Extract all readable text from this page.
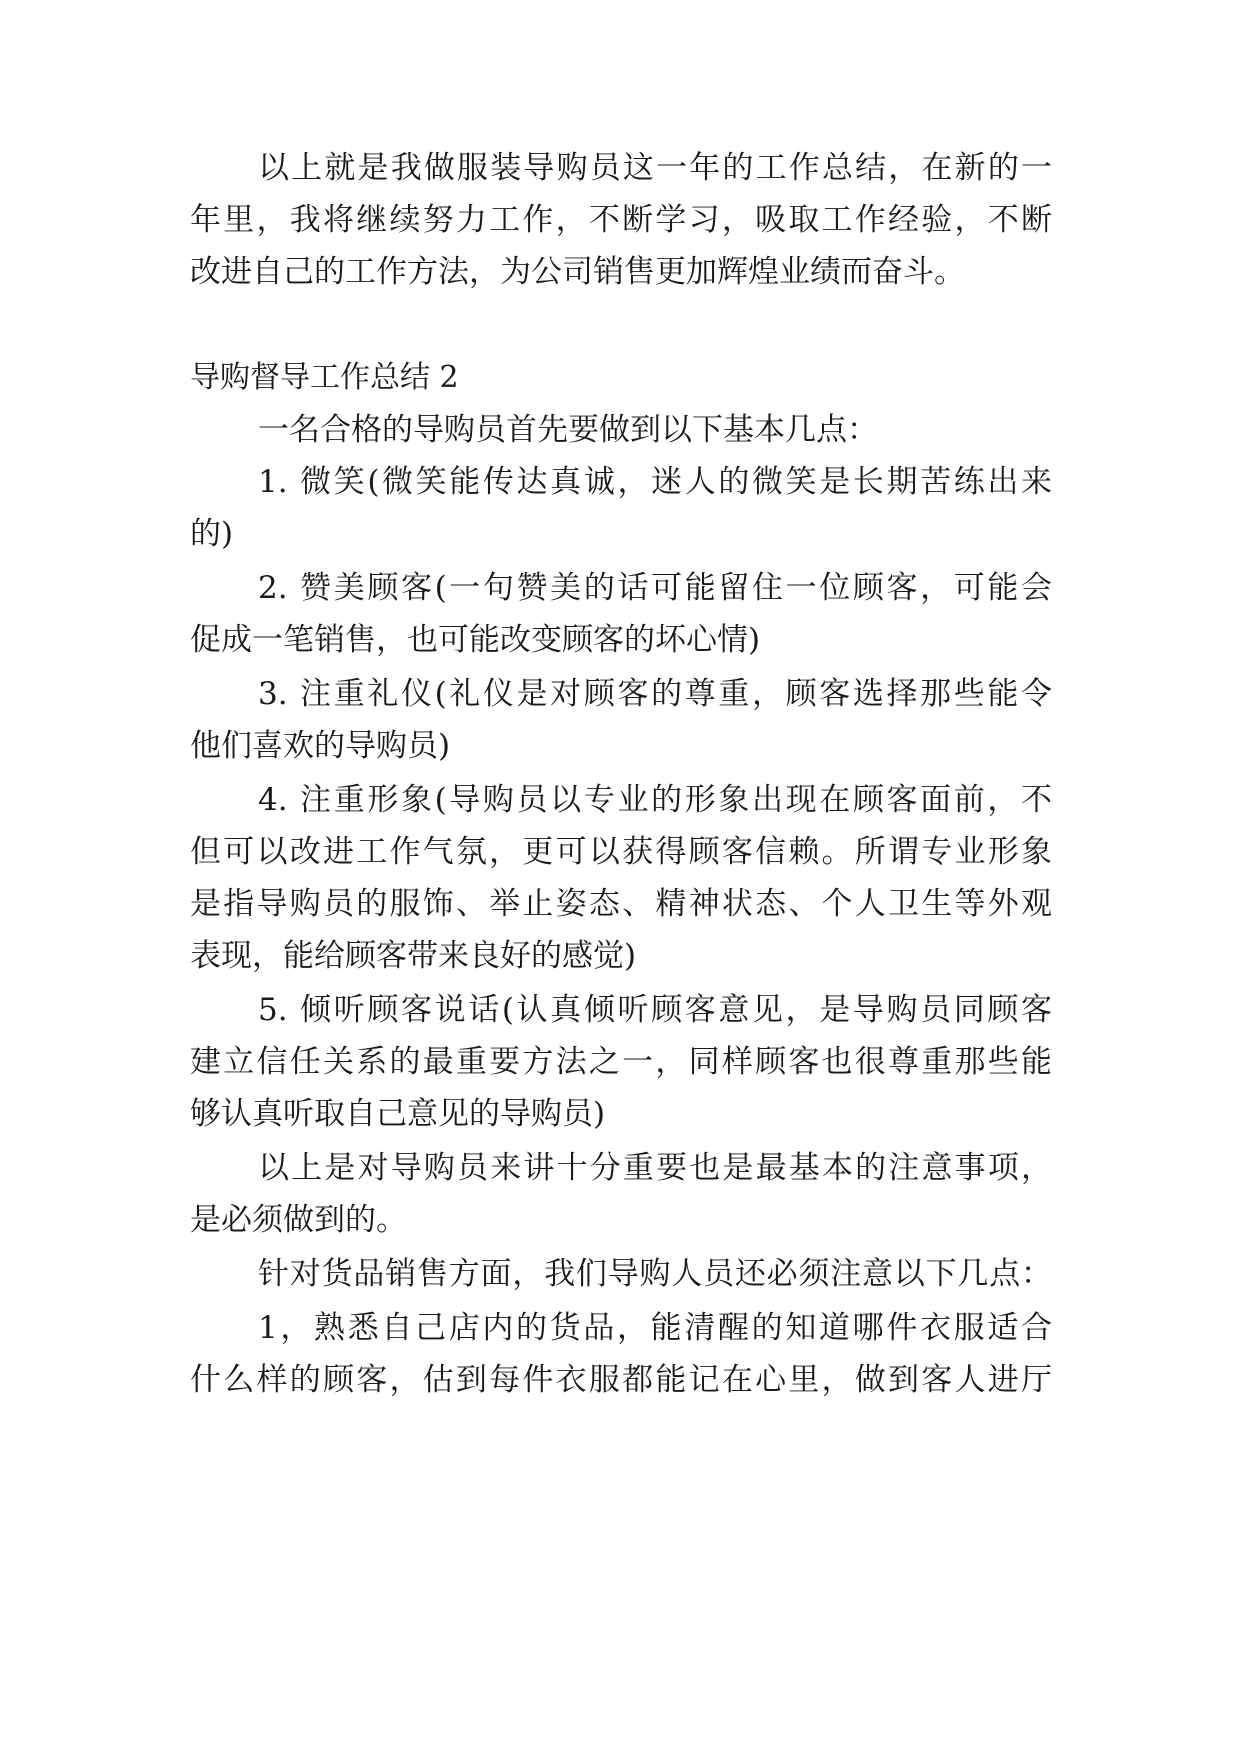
以上就是我做服装导购员这一年的工作总结，在新的一
年里，我将继续努力工作，不断学习，吸取工作经验，不断
改进自己的工作方法，为公司销售更加辉煌业绩而奋斗。
导购督导工作总结 2
一名合格的导购员首先要做到以下基本几点：
1. 微笑(微笑能传达真诚，迷人的微笑是长期苦练出来
的)
2. 赞美顾客(一句赞美的话可能留住一位顾客，可能会
促成一笔销售，也可能改变顾客的坏心情)
3. 注重礼仪(礼仪是对顾客的尊重，顾客选择那些能令
他们喜欢的导购员)
4. 注重形象(导购员以专业的形象出现在顾客面前，不
但可以改进工作气氛，更可以获得顾客信赖。所谓专业形象
是指导购员的服饰、举止姿态、精神状态、个人卫生等外观
表现，能给顾客带来良好的感觉)
5. 倾听顾客说话(认真倾听顾客意见，是导购员同顾客
建立信任关系的最重要方法之一，同样顾客也很尊重那些能
够认真听取自己意见的导购员)
以上是对导购员来讲十分重要也是最基本的注意事项，
是必须做到的。
针对货品销售方面，我们导购人员还必须注意以下几点：
1，熟悉自己店内的货品，能清醒的知道哪件衣服适合
什么样的顾客，估到每件衣服都能记在心里，做到客人进厅
